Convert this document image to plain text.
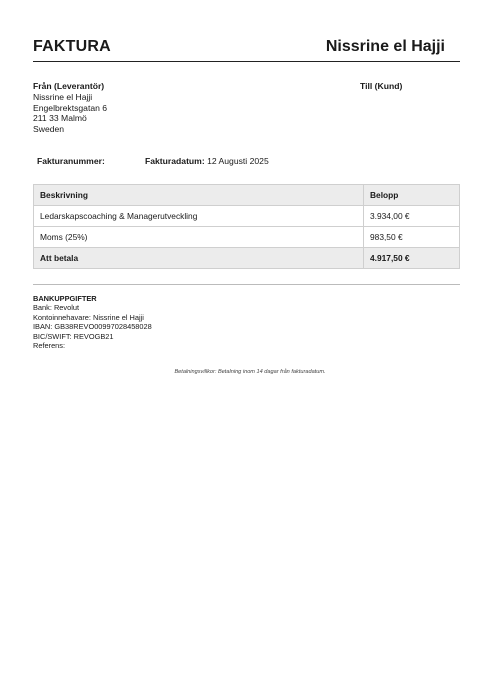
FAKTURA	Nissrine el Hajji
Från (Leverantör)
Nissrine el Hajji
Engelbrektsgatan 6
211 33 Malmö
Sweden
Till (Kund)
Fakturanummer:	Fakturadatum: 12 Augusti 2025
Beskrivning	Belopp
Ledarskapscoaching & Managerutveckling	3.934,00 €
Moms (25%)	983,50 €
Att betala	4.917,50 €
BANKUPPGIFTER
Bank: Revolut
Kontoinnehavare: Nissrine el Hajji
IBAN: GB38REVO00997028458028
BIC/SWIFT: REVOGB21
Referens:
Betalningsvillkor: Betalning inom 14 dagar från fakturadatum.
